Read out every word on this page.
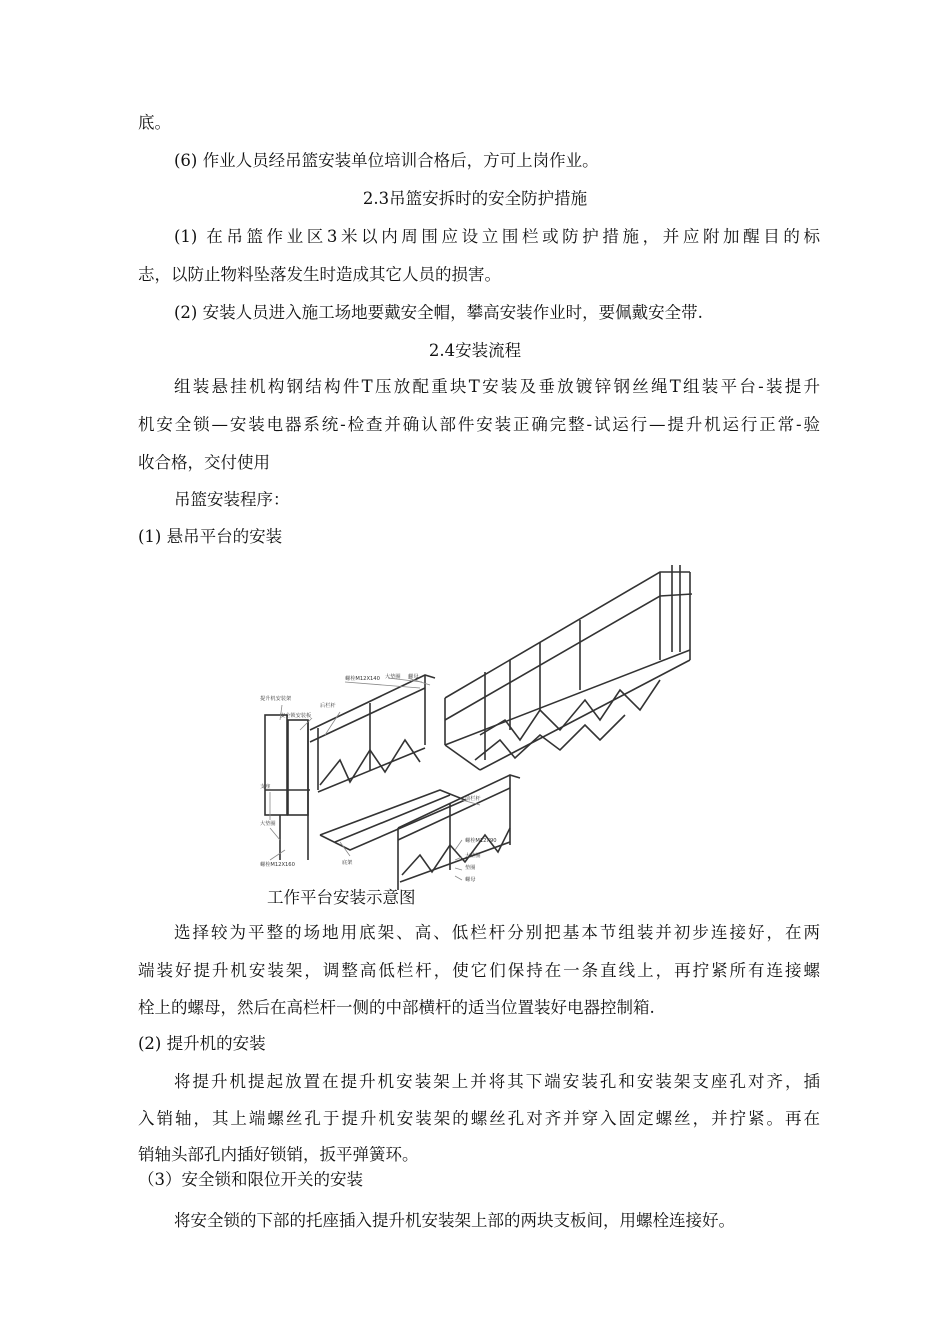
底。
(6) 作业人员经吊篮安装单位培训合格后，方可上岗作业。
2.3吊篮安拆时的安全防护措施
(1) 在吊篮作业区3米以内周围应设立围栏或防护措施，并应附加醒目的标
志，以防止物料坠落发生时造成其它人员的损害。
(2) 安装人员进入施工场地要戴安全帽，攀高安装作业时，要佩戴安全带.
2.4安装流程
组装悬挂机构钢结构件T压放配重块T安装及垂放镀锌钢丝绳T组装平台-装提升
机安全锁—安装电器系统-检查并确认部件安装正确完整-试运行—提升机运行正常-验
收合格，交付使用
吊篮安装程序：
(1) 悬吊平台的安装
螺栓M12X140 大垫圈 螺母
提升机安装架
后栏杆
安全锁安装板
支座
大垫圈
螺栓M12X160	底架
前栏杆
螺栓M12X90
大垫圈
垫圈
螺母
工作平台安装示意图
选择较为平整的场地用底架、高、低栏杆分别把基本节组装并初步连接好，在两
端装好提升机安装架，调整高低栏杆，使它们保持在一条直线上，再拧紧所有连接螺
栓上的螺母，然后在高栏杆一侧的中部横杆的适当位置装好电器控制箱.
(2) 提升机的安装
将提升机提起放置在提升机安装架上并将其下端安装孔和安装架支座孔对齐，插
入销轴，其上端螺丝孔于提升机安装架的螺丝孔对齐并穿入固定螺丝，并拧紧。再在
销轴头部孔内插好锁销，扳平弹簧环。
（3）安全锁和限位开关的安装
将安全锁的下部的托座插入提升机安装架上部的两块支板间，用螺栓连接好。
